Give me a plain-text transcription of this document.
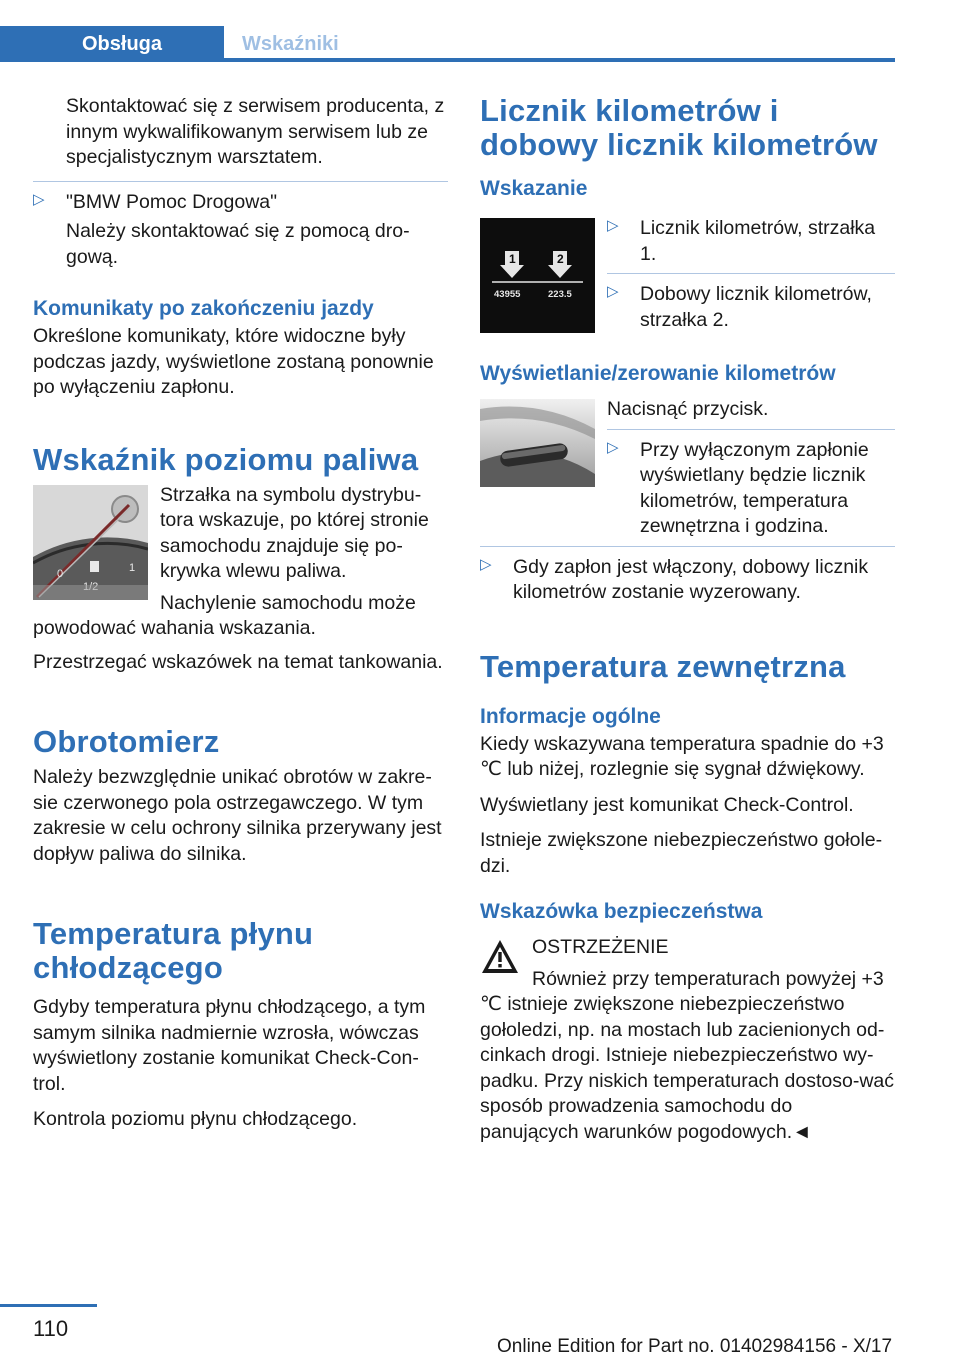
Obsługa	Wskaźniki

Skontaktować się z serwisem producenta, z innym wykwalifikowanym serwisem lub ze specjalistycznym warsztatem.

▷ "BMW Pomoc Drogowa"

Należy skontaktować się z pomocą dro-gową.

Komunikaty po zakończeniu jazdy

Określone komunikaty, które widoczne były podczas jazdy, wyświetlone zostaną ponownie po wyłączeniu zapłonu.

Wskaźnik poziomu paliwa
0	1

Strzałka na symbolu dystrybu-tora wskazuje, po której stronie samochodu znajduje się po-krywka wlewu paliwa.

Nachylenie samochodu może powodować wahania wskazania.

Przestrzegać wskazówek na temat tankowania.

Obrotomierz

Należy bezwzględnie unikać obrotów w zakre-sie czerwonego pola ostrzegawczego. W tym zakresie w celu ochrony silnika przerywany jest dopływ paliwa do silnika.

Temperatura płynu chłodzącego

Gdyby temperatura płynu chłodzącego, a tym samym silnika nadmiernie wzrosła, wówczas wyświetlony zostanie komunikat Check-Con-trol.

Kontrola poziomu płynu chłodzącego.

Licznik kilometrów i dobowy licznik kilometrów
Wskazanie
1	2
43955	223.5
▷ Licznik kilometrów, strzałka 1.

▷ Dobowy licznik kilometrów, strzałka 2.

Wyświetlanie/zerowanie kilometrów

Nacisnąć przycisk.

▷ Przy wyłączonym zapłonie wyświetlany będzie licznik kilometrów, temperatura zewnętrzna i godzina.

▷ Gdy zapłon jest włączony, dobowy licznik kilometrów zostanie wyzerowany.

Temperatura zewnętrzna
Informacje ogólne

Kiedy wskazywana temperatura spadnie do +3 ℃ lub niżej, rozlegnie się sygnał dźwiękowy.

Wyświetlany jest komunikat Check-Control.

Istnieje zwiększone niebezpieczeństwo gołole-dzi.

Wskazówka bezpieczeństwa

OSTRZEŻENIE

Również przy temperaturach powyżej +3 ℃ istnieje zwiększone niebezpieczeństwo gołoledzi, np. na mostach lub zacienionych od-cinkach drogi. Istnieje niebezpieczeństwo wy-padku. Przy niskich temperaturach dostoso-wać sposób prowadzenia samochodu do panujących warunków pogodowych.◄

110
Online Edition for Part no. 01402984156 - X/17
